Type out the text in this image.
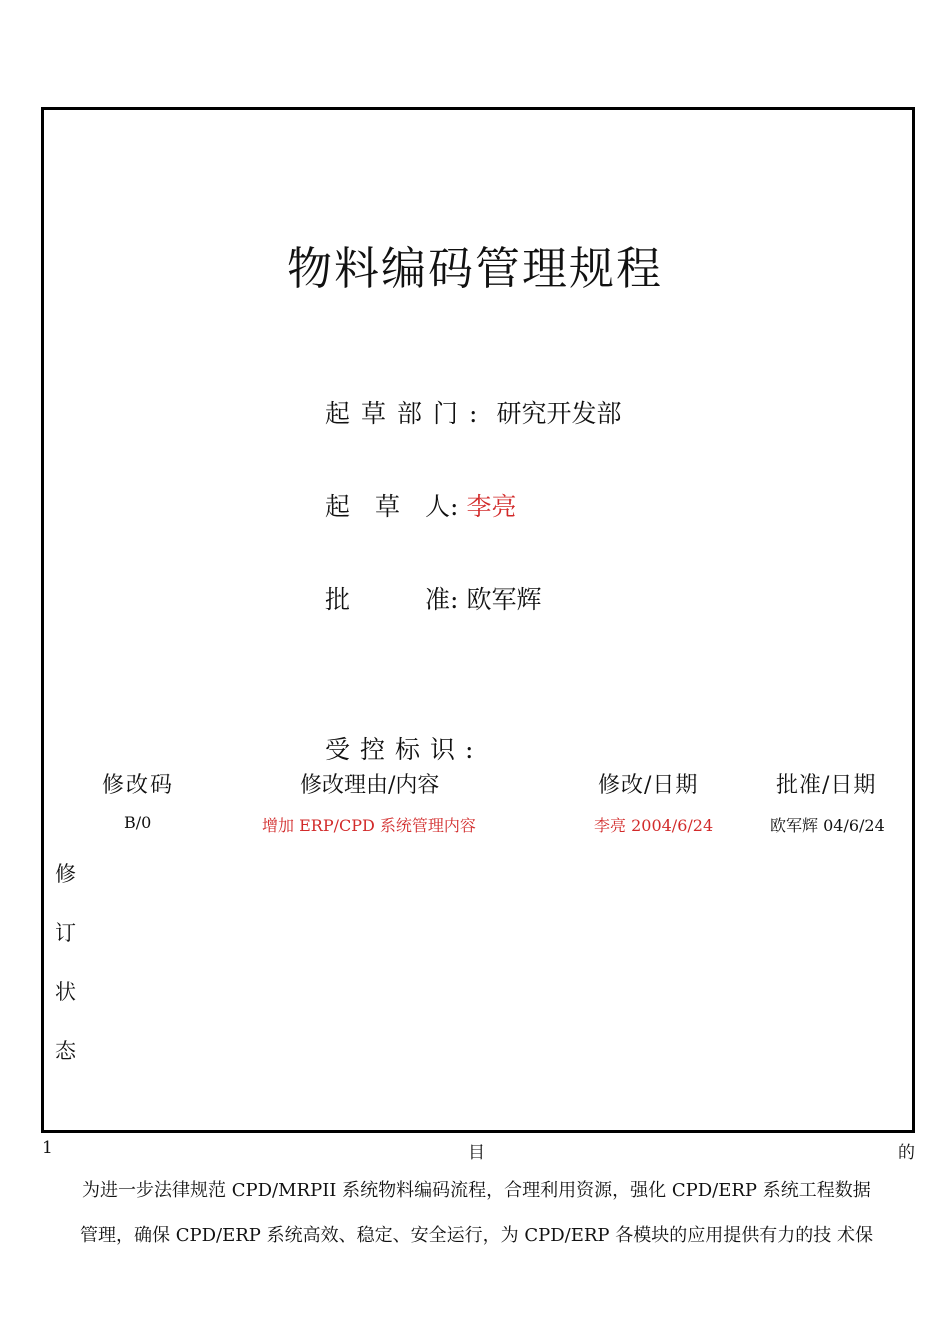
物料编码管理规程
起草部门: 研究开发部
起　草　人: 李亮
批　　　准: 欧军辉
受控标识:
修改码	修改理由/内容	修改/日期	批准/日期
B/0	增加 ERP/CPD 系统管理内容	李亮 2004/6/24	欧军辉 04/6/24
修
订
状
态
1	目	的
为进一步法律规范 CPD/MRPII 系统物料编码流程，合理利用资源，强化 CPD/ERP 系统工程数据
管理，确保 CPD/ERP 系统高效、稳定、安全运行，为 CPD/ERP 各模块的应用提供有力的技 术保
